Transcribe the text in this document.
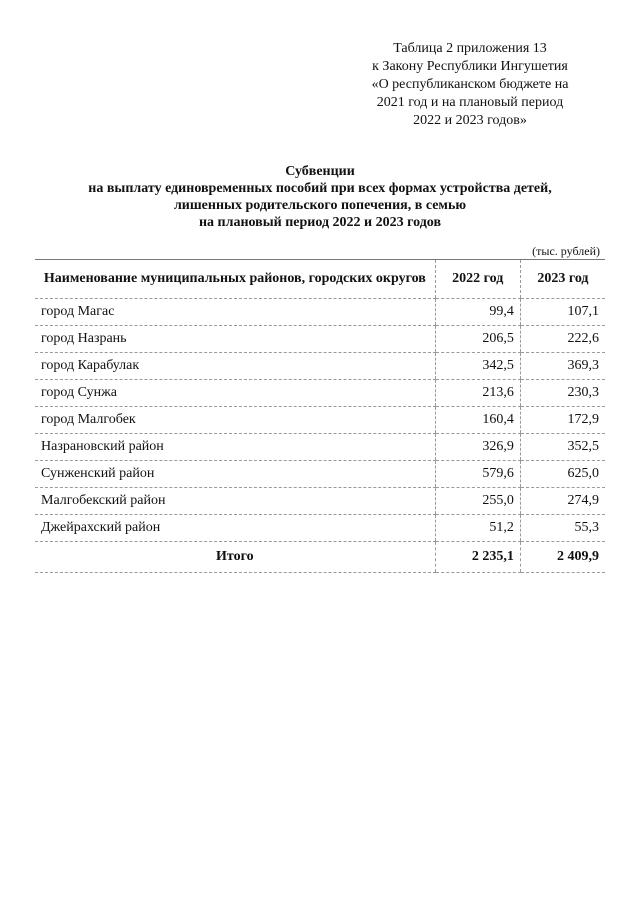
Таблица 2 приложения 13
к Закону Республики Ингушетия
«О республиканском бюджете на
2021 год и на плановый период
2022 и 2023 годов»
Субвенции
на выплату единовременных пособий при всех формах устройства детей,
лишенных родительского попечения, в семью
на плановый период 2022 и 2023 годов
(тыс. рублей)
Наименование муниципальных районов, городских округов	2022 год	2023 год
город Магас	99,4	107,1
город Назрань	206,5	222,6
город Карабулак	342,5	369,3
город Сунжа	213,6	230,3
город Малгобек	160,4	172,9
Назрановский район	326,9	352,5
Сунженский район	579,6	625,0
Малгобекский район	255,0	274,9
Джейрахский район	51,2	55,3
Итого	2 235,1	2 409,9
